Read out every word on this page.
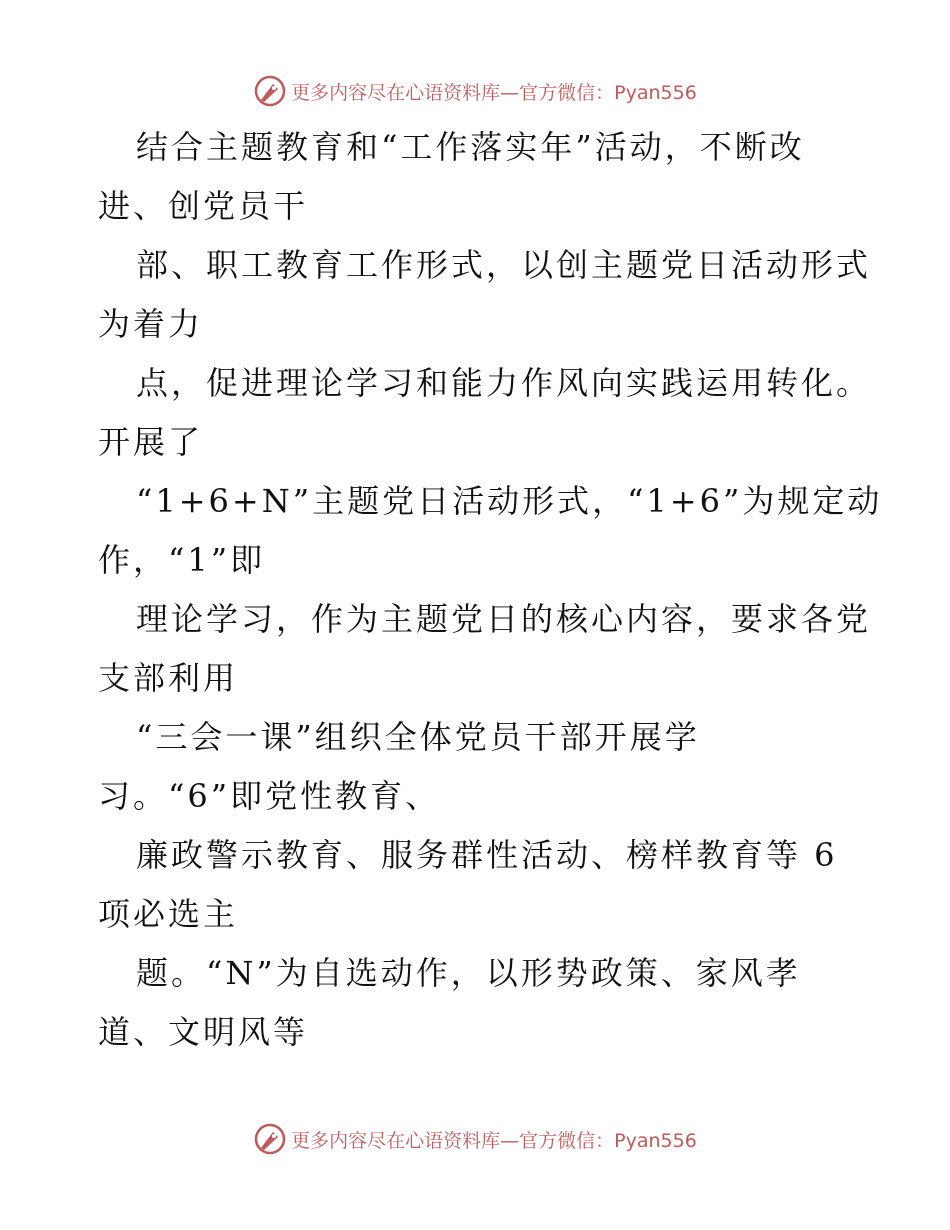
更多内容尽在心语资料库—官方微信：Pyan556
结合主题教育和“工作落实年”活动，不断改
进、创党员干
部、职工教育工作形式，以创主题党日活动形式
为着力
点，促进理论学习和能力作风向实践运用转化。
开展了
“1+6+N”主题党日活动形式，“1+6”为规定动
作，“1”即
理论学习，作为主题党日的核心内容，要求各党
支部利用
“三会一课”组织全体党员干部开展学
习。“6”即党性教育、
廉政警示教育、服务群性活动、榜样教育等 6
项必选主
题。“N”为自选动作，以形势政策、家风孝
道、文明风等
更多内容尽在心语资料库—官方微信：Pyan556
